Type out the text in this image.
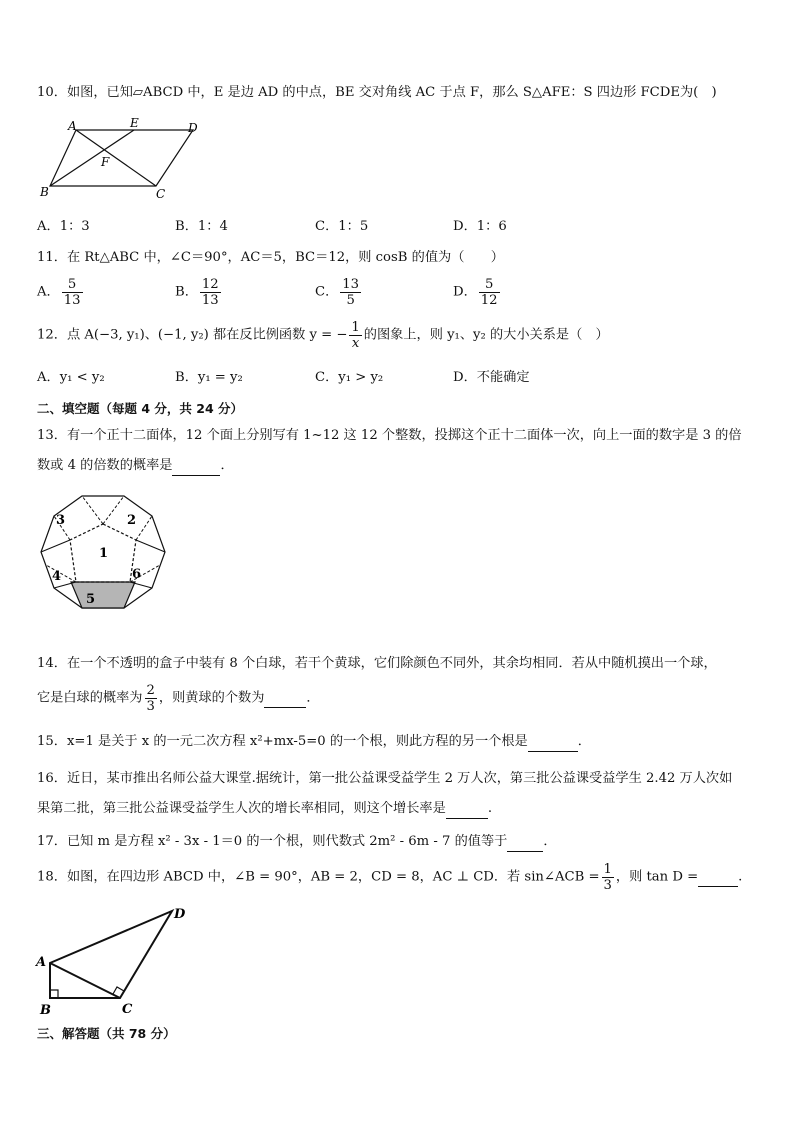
10．如图，已知▱ABCD 中，E 是边 AD 的中点，BE 交对角线 AC 于点 F，那么 S△AFE：S 四边形 FCDE为(　)
A	E	D
F
B	C
A．1：3	B．1：4	C．1：5	D．1：6
11．在 Rt△ABC 中，∠C＝90°，AC＝5，BC＝12，则 cosB 的值为（　　）
A． $\frac{5}{13}$	B． $\frac{12}{13}$	C． $\frac{13}{5}$	D． $\frac{5}{12}$
12．点 A(−3, y₁)、(−1, y₂) 都在反比例函数 y = − $\frac{1}{x}$ 的图象上，则 y₁、y₂ 的大小关系是（　）
A．y₁ < y₂	B．y₁ = y₂	C．y₁ > y₂	D．不能确定
二、填空题（每题 4 分，共 24 分）
13．有一个正十二面体，12 个面上分别写有 1~12 这 12 个整数，投掷这个正十二面体一次，向上一面的数字是 3 的倍
数或 4 的倍数的概率是	．
1
2
3
4
5
6
14．在一个不透明的盒子中装有 8 个白球，若干个黄球，它们除颜色不同外，其余均相同．若从中随机摸出一个球，
它是白球的概率为 $\frac{2}{3}$ ，则黄球的个数为	．
15．x=1 是关于 x 的一元二次方程 x²+mx-5=0 的一个根，则此方程的另一个根是	．
16．近日，某市推出名师公益大课堂.据统计，第一批公益课受益学生 2 万人次，第三批公益课受益学生 2.42 万人次如
果第二批，第三批公益课受益学生人次的增长率相同，则这个增长率是	.
17．已知 m 是方程 x² - 3x - 1＝0 的一个根，则代数式 2m² - 6m - 7 的值等于	．
18．如图，在四边形 ABCD 中，∠B = 90°，AB = 2，CD = 8，AC ⊥ CD．若 sin∠ACB = $\frac{1}{3}$ ，则 tan D =	.
A
B	C
D
三、解答题（共 78 分）
